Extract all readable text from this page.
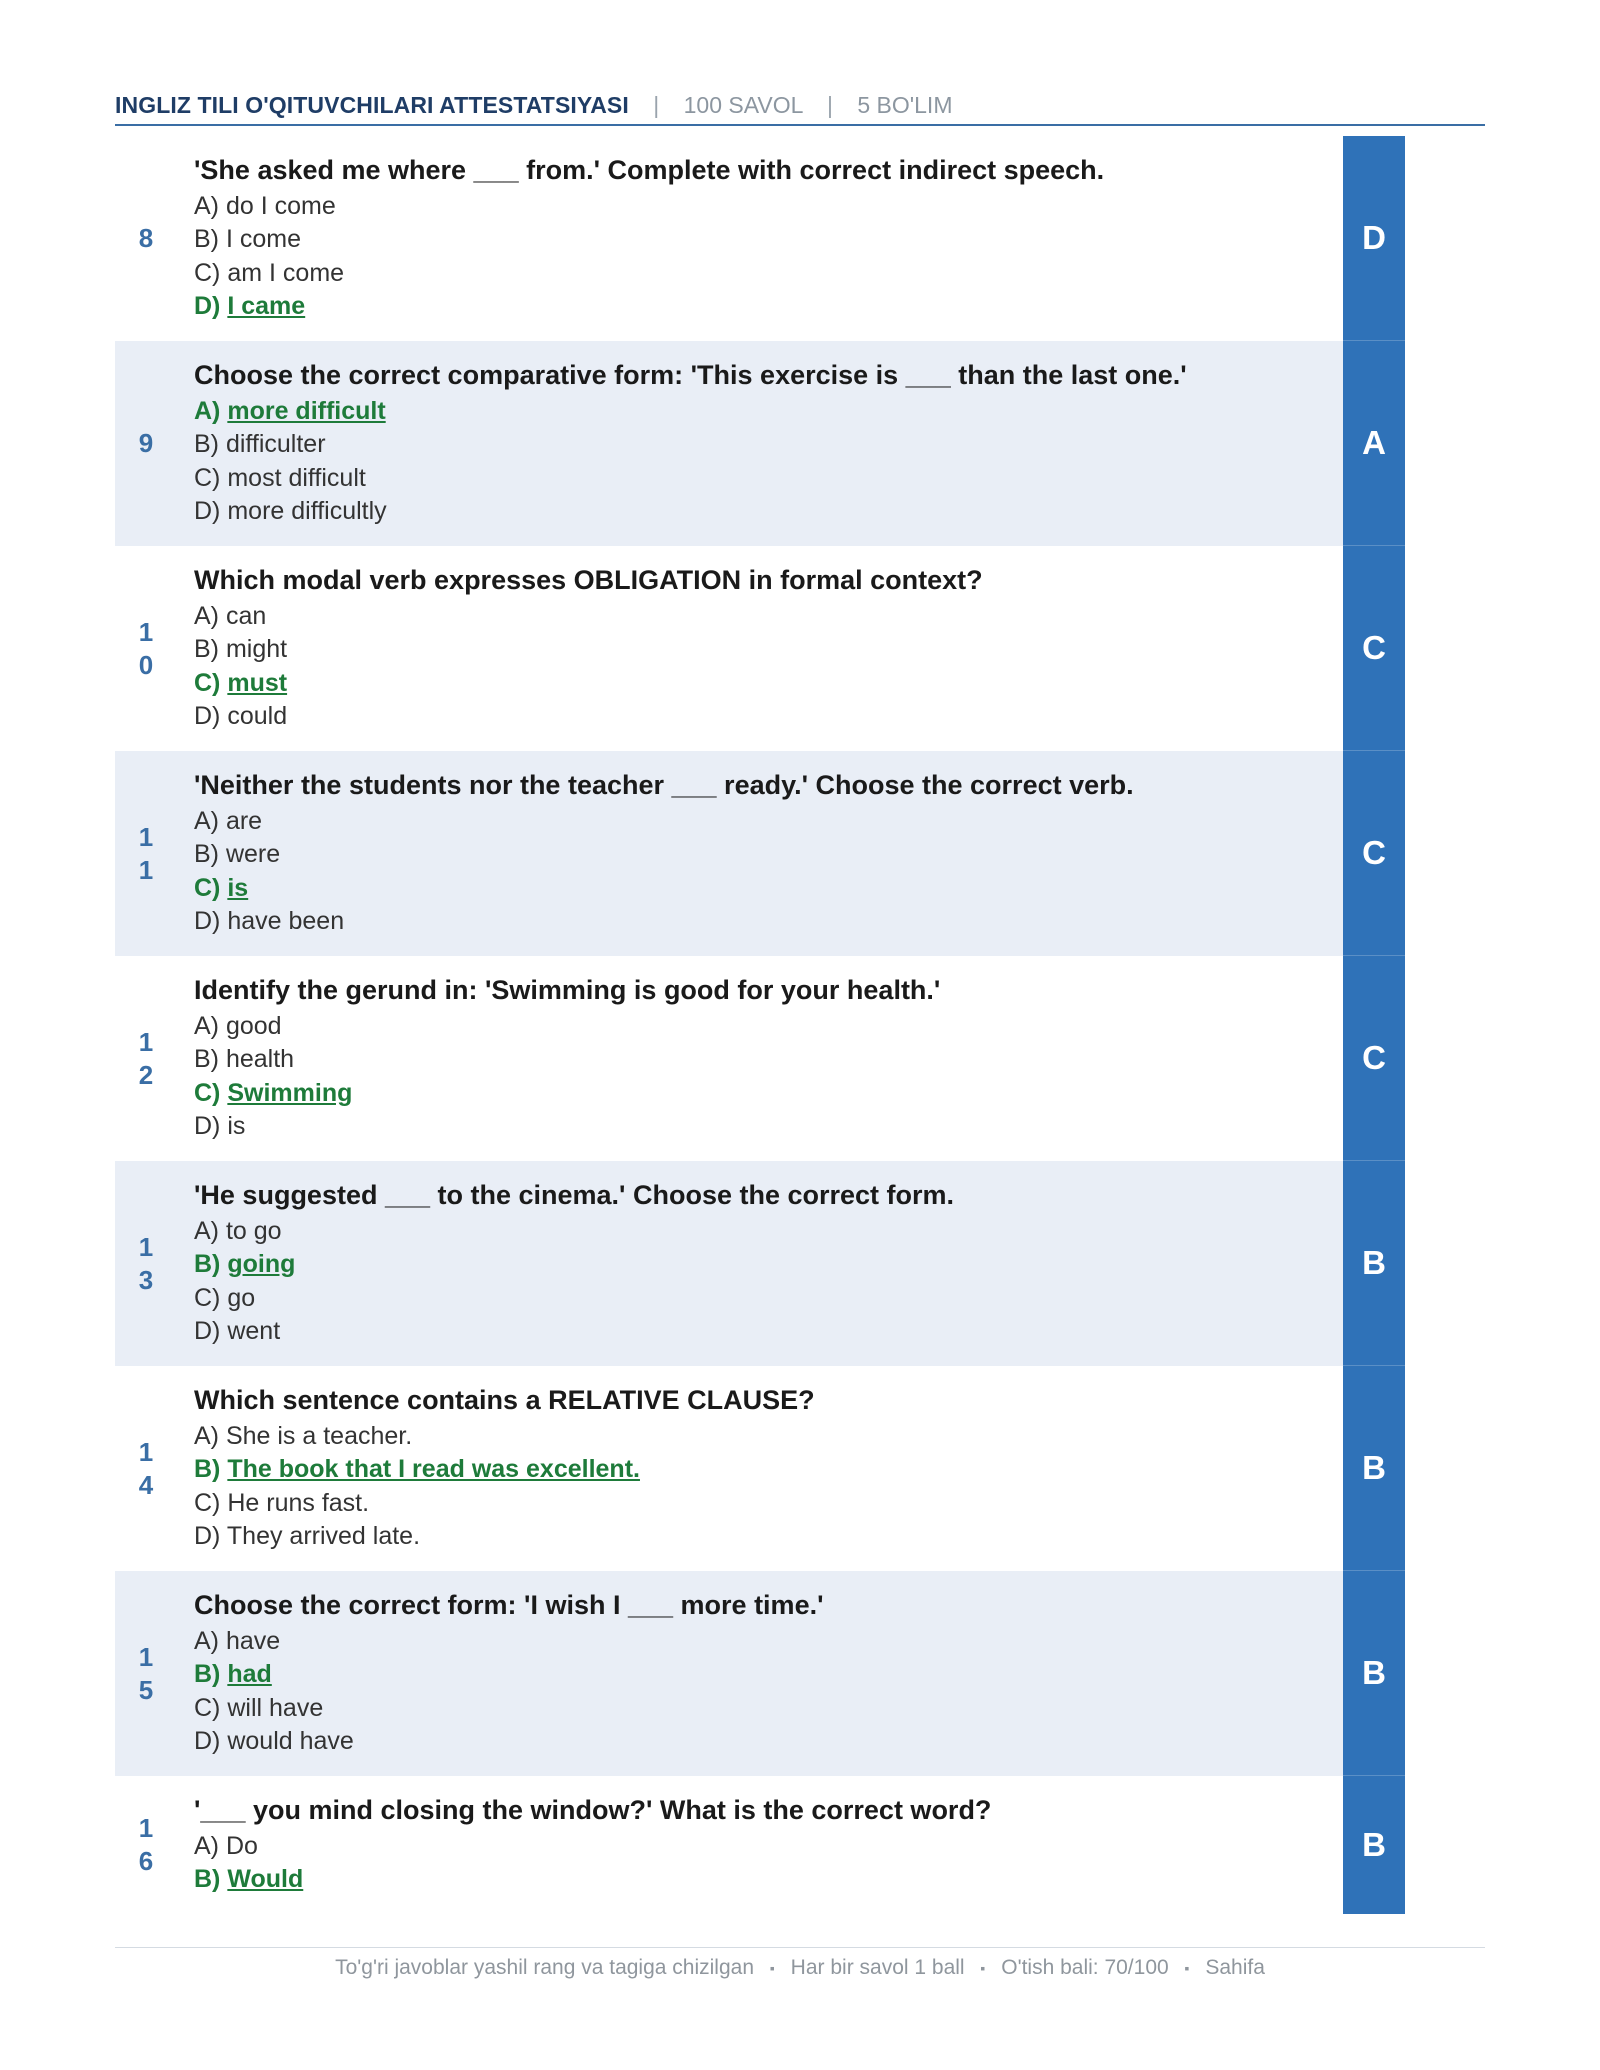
INGLIZ TILI O'QITUVCHILARI ATTESTATSIYASI | 100 SAVOL | 5 BO'LIM
8
'She asked me where ___ from.' Complete with correct indirect speech.
A) do I come
B) I come
C) am I come
D) I came
D
9
Choose the correct comparative form: 'This exercise is ___ than the last one.'
A) more difficult
B) difficulter
C) most difficult
D) more difficultly
A
10
Which modal verb expresses OBLIGATION in formal context?
A) can
B) might
C) must
D) could
C
11
'Neither the students nor the teacher ___ ready.' Choose the correct verb.
A) are
B) were
C) is
D) have been
C
12
Identify the gerund in: 'Swimming is good for your health.'
A) good
B) health
C) Swimming
D) is
C
13
'He suggested ___ to the cinema.' Choose the correct form.
A) to go
B) going
C) go
D) went
B
14
Which sentence contains a RELATIVE CLAUSE?
A) She is a teacher.
B) The book that I read was excellent.
C) He runs fast.
D) They arrived late.
B
15
Choose the correct form: 'I wish I ___ more time.'
A) have
B) had
C) will have
D) would have
B
16
'___ you mind closing the window?' What is the correct word?
A) Do
B) Would
B
To'g'ri javoblar yashil rang va tagiga chizilgan ▪ Har bir savol 1 ball ▪ O'tish bali: 70/100 ▪ Sahifa
